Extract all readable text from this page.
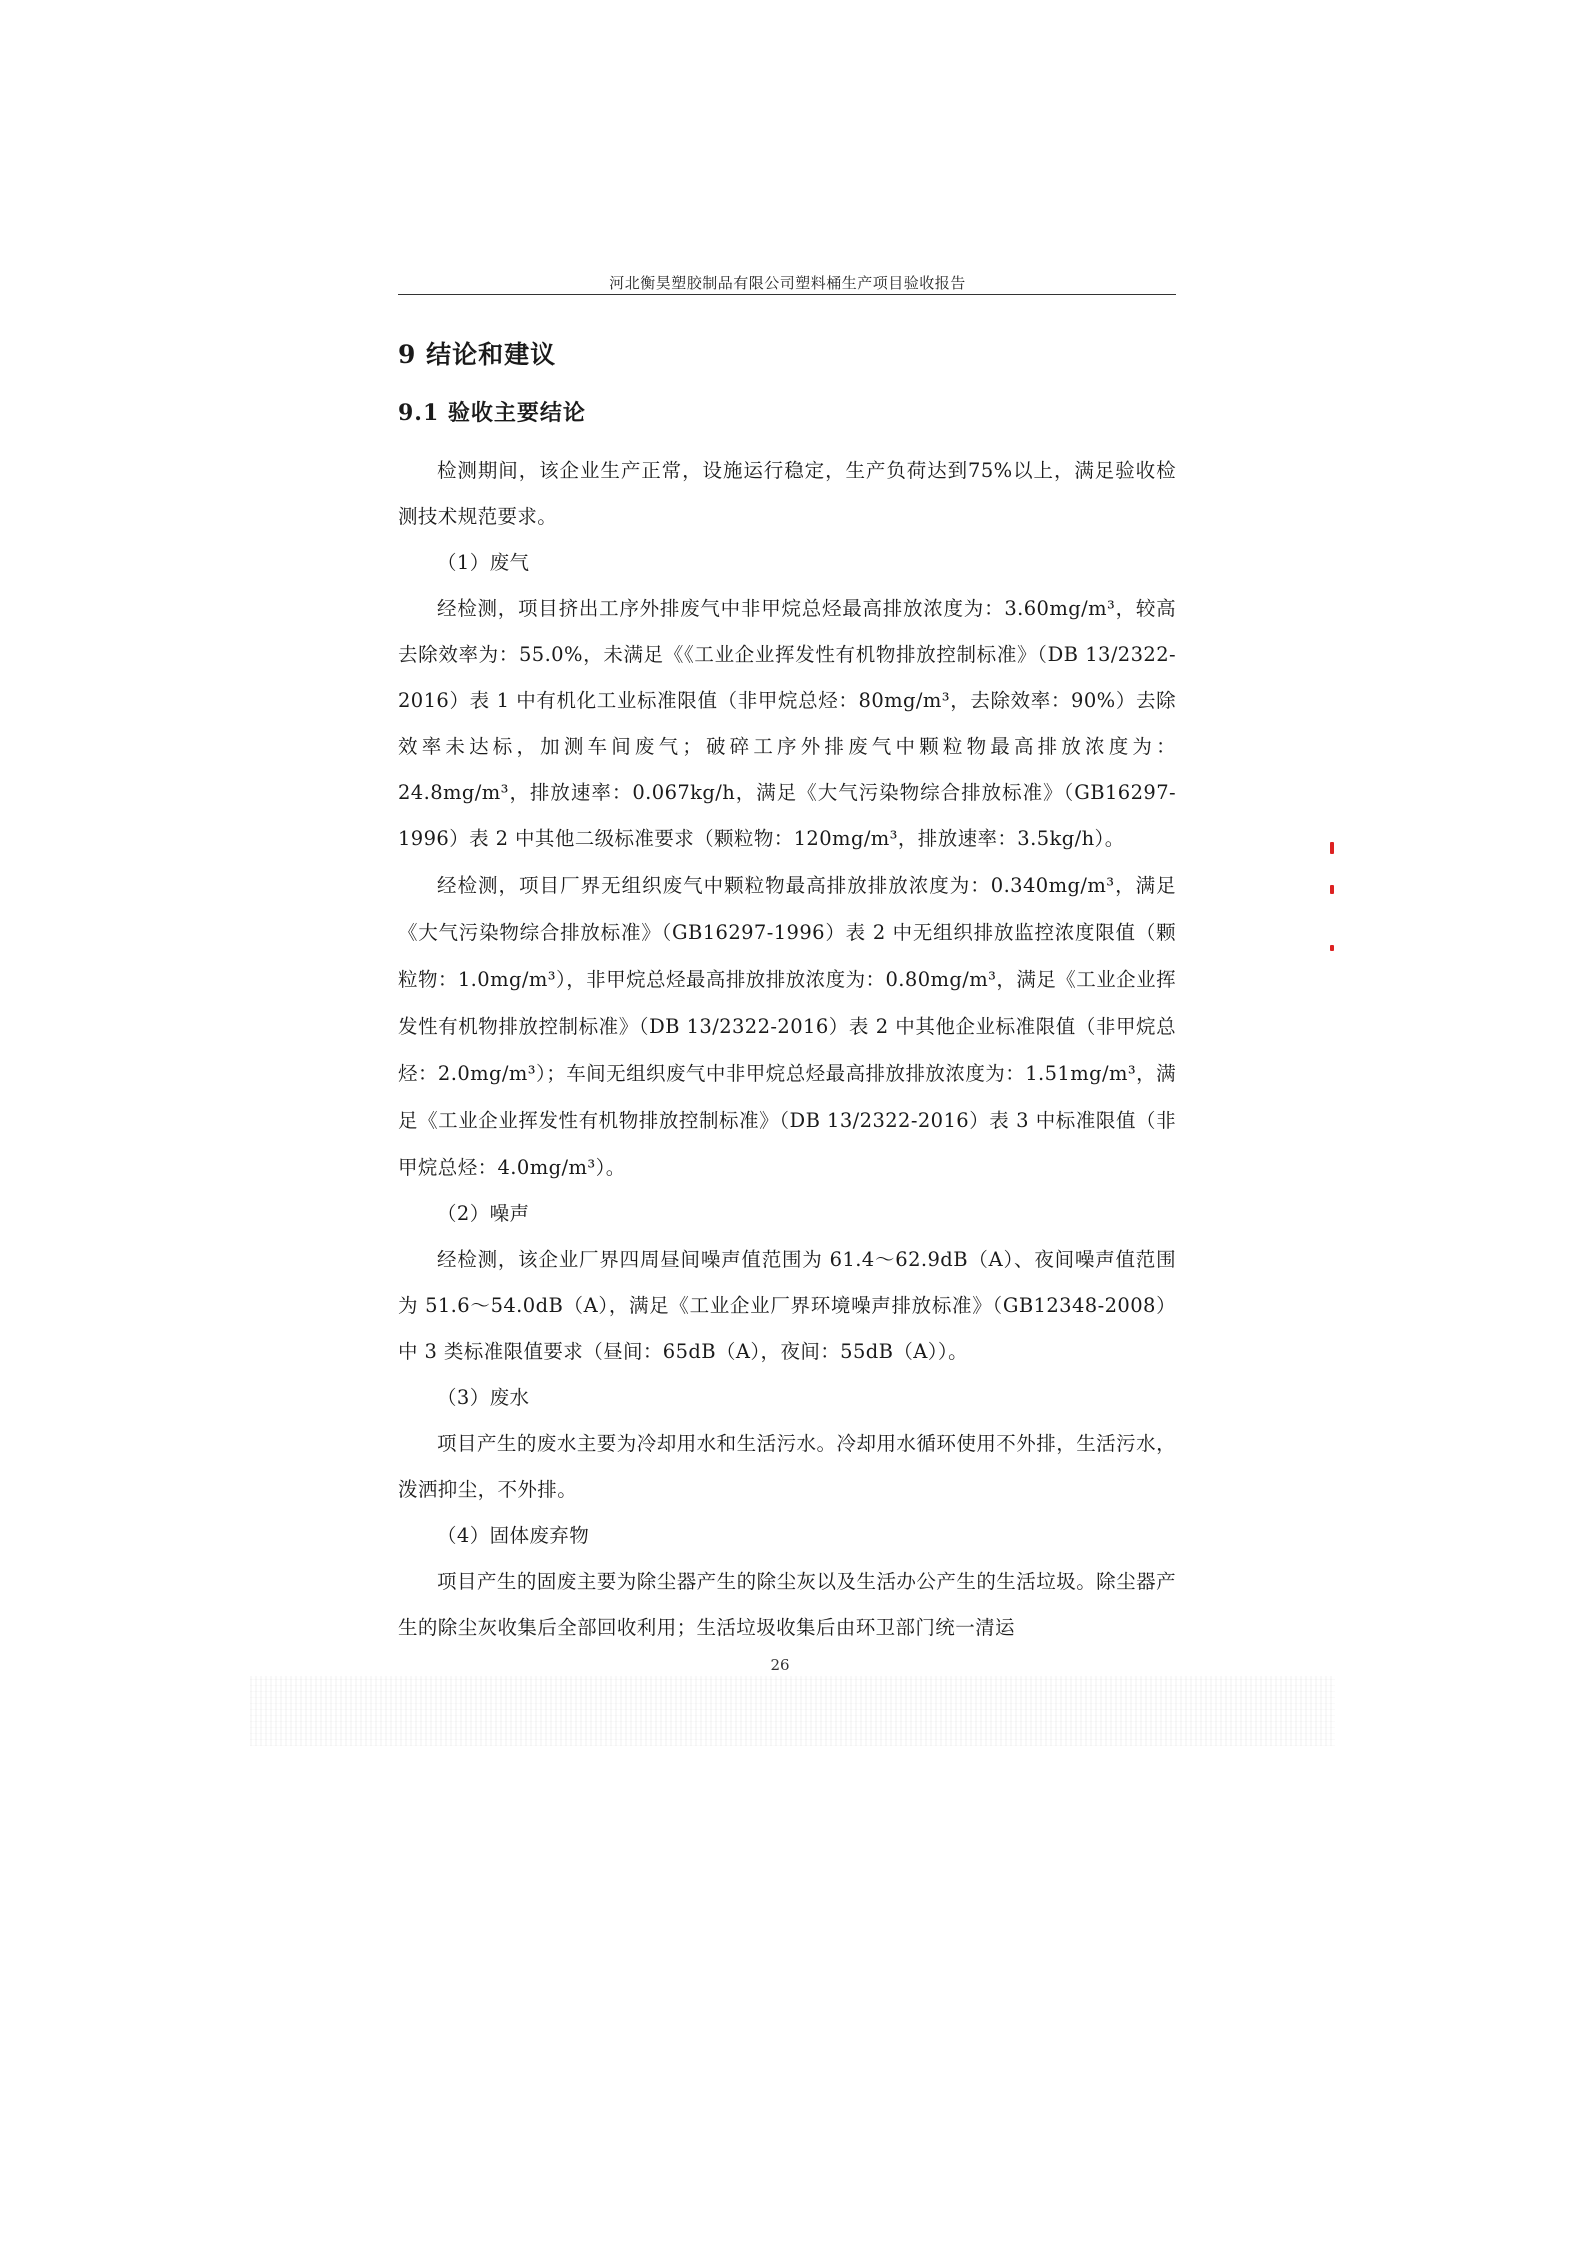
河北衡昊塑胶制品有限公司塑料桶生产项目验收报告
9 结论和建议
9.1 验收主要结论

检测期间，该企业生产正常，设施运行稳定，生产负荷达到75%以上，满足验收检测技术规范要求。

（1）废气

经检测，项目挤出工序外排废气中非甲烷总烃最高排放浓度为：3.60mg/m³，较高去除效率为：55.0%，未满足《《工业企业挥发性有机物排放控制标准》（DB 13/2322-2016）表 1 中有机化工业标准限值（非甲烷总烃：80mg/m³，去除效率：90%）去除效率未达标，加测车间废气；破碎工序外排废气中颗粒物最高排放浓度为：24.8mg/m³，排放速率：0.067kg/h，满足《大气污染物综合排放标准》（GB16297-1996）表 2 中其他二级标准要求（颗粒物：120mg/m³，排放速率：3.5kg/h）。

经检测，项目厂界无组织废气中颗粒物最高排放排放浓度为：0.340mg/m³，满足《大气污染物综合排放标准》（GB16297-1996）表 2 中无组织排放监控浓度限值（颗粒物：1.0mg/m³），非甲烷总烃最高排放排放浓度为：0.80mg/m³，满足《工业企业挥发性有机物排放控制标准》（DB 13/2322-2016）表 2 中其他企业标准限值（非甲烷总烃：2.0mg/m³）；车间无组织废气中非甲烷总烃最高排放排放浓度为：1.51mg/m³，满足《工业企业挥发性有机物排放控制标准》（DB 13/2322-2016）表 3 中标准限值（非甲烷总烃：4.0mg/m³）。

（2）噪声

经检测，该企业厂界四周昼间噪声值范围为 61.4～62.9dB（A）、夜间噪声值范围为 51.6～54.0dB（A），满足《工业企业厂界环境噪声排放标准》（GB12348-2008）中 3 类标准限值要求（昼间：65dB（A），夜间：55dB（A））。

（3）废水

项目产生的废水主要为冷却用水和生活污水。冷却用水循环使用不外排，生活污水，泼洒抑尘，不外排。

（4）固体废弃物

项目产生的固废主要为除尘器产生的除尘灰以及生活办公产生的生活垃圾。除尘器产生的除尘灰收集后全部回收利用；生活垃圾收集后由环卫部门统一清运

26
